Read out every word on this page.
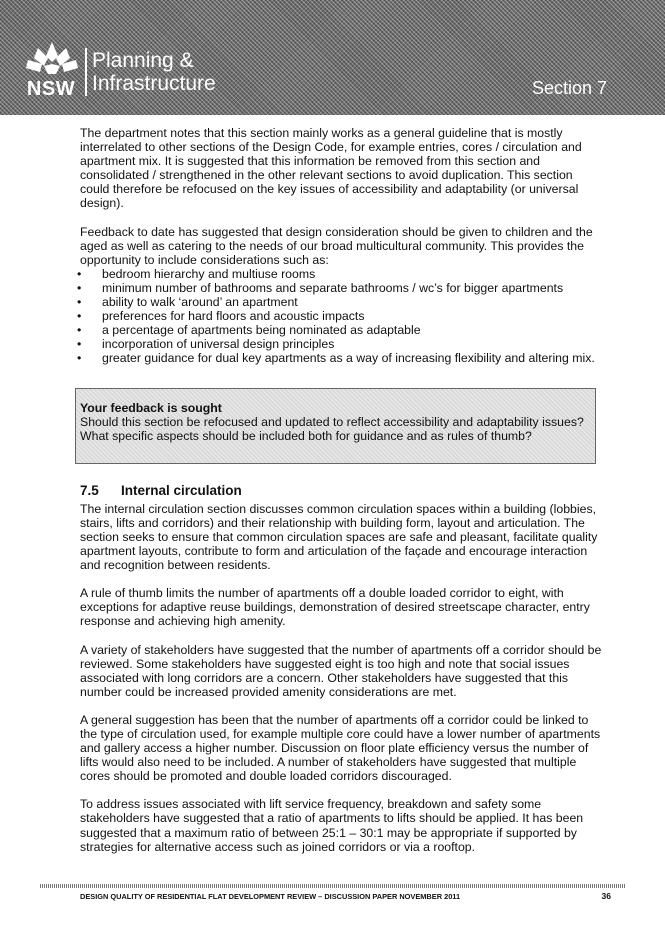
NSW
Planning &
Infrastructure	Section 7

The department notes that this section mainly works as a general guideline that is mostly interrelated to other sections of the Design Code, for example entries, cores / circulation and apartment mix. It is suggested that this information be removed from this section and consolidated / strengthened in the other relevant sections to avoid duplication. This section could therefore be refocused on the key issues of accessibility and adaptability (or universal design).

Feedback to date has suggested that design consideration should be given to children and the aged as well as catering to the needs of our broad multicultural community. This provides the opportunity to include considerations such as:

• bedroom hierarchy and multiuse rooms
• minimum number of bathrooms and separate bathrooms / wc’s for bigger apartments
• ability to walk ‘around’ an apartment
• preferences for hard floors and acoustic impacts
• a percentage of apartments being nominated as adaptable
• incorporation of universal design principles
• greater guidance for dual key apartments as a way of increasing flexibility and altering mix.
Your feedback is sought
Should this section be refocused and updated to reflect accessibility and adaptability issues? What specific aspects should be included both for guidance and as rules of thumb?
7.5 Internal circulation

The internal circulation section discusses common circulation spaces within a building (lobbies, stairs, lifts and corridors) and their relationship with building form, layout and articulation. The section seeks to ensure that common circulation spaces are safe and pleasant, facilitate quality apartment layouts, contribute to form and articulation of the façade and encourage interaction and recognition between residents.

A rule of thumb limits the number of apartments off a double loaded corridor to eight, with exceptions for adaptive reuse buildings, demonstration of desired streetscape character, entry response and achieving high amenity.

A variety of stakeholders have suggested that the number of apartments off a corridor should be reviewed. Some stakeholders have suggested eight is too high and note that social issues associated with long corridors are a concern. Other stakeholders have suggested that this number could be increased provided amenity considerations are met.

A general suggestion has been that the number of apartments off a corridor could be linked to the type of circulation used, for example multiple core could have a lower number of apartments and gallery access a higher number. Discussion on floor plate efficiency versus the number of lifts would also need to be included. A number of stakeholders have suggested that multiple cores should be promoted and double loaded corridors discouraged.

To address issues associated with lift service frequency, breakdown and safety some stakeholders have suggested that a ratio of apartments to lifts should be applied. It has been suggested that a maximum ratio of between 25:1 – 30:1 may be appropriate if supported by strategies for alternative access such as joined corridors or via a rooftop.

DESIGN QUALITY OF RESIDENTIAL FLAT DEVELOPMENT REVIEW – DISCUSSION PAPER NOVEMBER 2011	36
